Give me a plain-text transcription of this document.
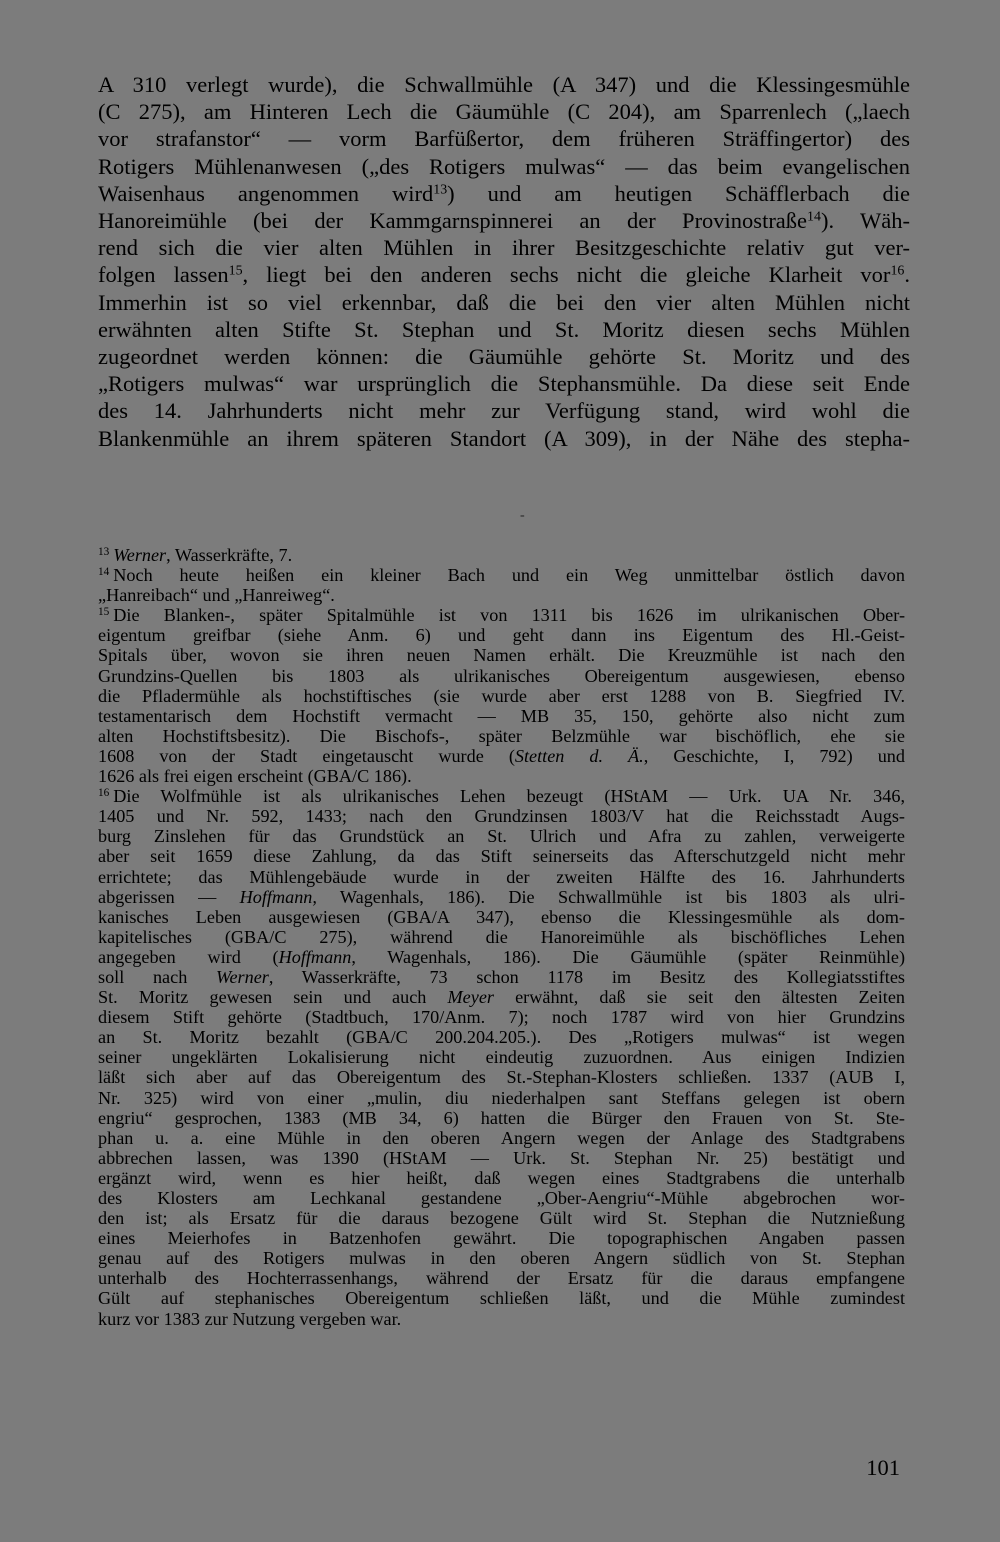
A 310 verlegt wurde), die Schwallmühle (A 347) und die Klessingesmühle
(C 275), am Hinteren Lech die Gäumühle (C 204), am Sparrenlech („laech
vor strafanstor“ — vorm Barfüßertor, dem früheren Sträffingertor) des
Rotigers Mühlenanwesen („des Rotigers mulwas“ — das beim evangelischen
Waisenhaus angenommen wird$^{13}$) und am heutigen Schäfflerbach die
Hanoreimühle (bei der Kammgarnspinnerei an der Provinostraße$^{14}$). Wäh-
rend sich die vier alten Mühlen in ihrer Besitzgeschichte relativ gut ver-
folgen lassen$^{15}$, liegt bei den anderen sechs nicht die gleiche Klarheit vor$^{16}$.
Immerhin ist so viel erkennbar, daß die bei den vier alten Mühlen nicht
erwähnten alten Stifte St. Stephan und St. Moritz diesen sechs Mühlen
zugeordnet werden können: die Gäumühle gehörte St. Moritz und des
„Rotigers mulwas“ war ursprünglich die Stephansmühle. Da diese seit Ende
des 14. Jahrhunderts nicht mehr zur Verfügung stand, wird wohl die
Blankenmühle an ihrem späteren Standort (A 309), in der Nähe des stepha-
-
$^{13}$ Werner, Wasserkräfte, 7.
$^{14}$ Noch heute heißen ein kleiner Bach und ein Weg unmittelbar östlich davon
„Hanreibach“ und „Hanreiweg“.
$^{15}$ Die Blanken-, später Spitalmühle ist von 1311 bis 1626 im ulrikanischen Ober-
eigentum greifbar (siehe Anm. 6) und geht dann ins Eigentum des Hl.-Geist-
Spitals über, wovon sie ihren neuen Namen erhält. Die Kreuzmühle ist nach den
Grundzins-Quellen bis 1803 als ulrikanisches Obereigentum ausgewiesen, ebenso
die Pfladermühle als hochstiftisches (sie wurde aber erst 1288 von B. Siegfried IV.
testamentarisch dem Hochstift vermacht — MB 35, 150, gehörte also nicht zum
alten Hochstiftsbesitz). Die Bischofs-, später Belzmühle war bischöflich, ehe sie
1608 von der Stadt eingetauscht wurde (Stetten d. Ä., Geschichte, I, 792) und
1626 als frei eigen erscheint (GBA/C 186).
$^{16}$ Die Wolfmühle ist als ulrikanisches Lehen bezeugt (HStAM — Urk. UA Nr. 346,
1405 und Nr. 592, 1433; nach den Grundzinsen 1803/V hat die Reichsstadt Augs-
burg Zinslehen für das Grundstück an St. Ulrich und Afra zu zahlen, verweigerte
aber seit 1659 diese Zahlung, da das Stift seinerseits das Afterschutzgeld nicht mehr
errichtete; das Mühlengebäude wurde in der zweiten Hälfte des 16. Jahrhunderts
abgerissen — Hoffmann, Wagenhals, 186). Die Schwallmühle ist bis 1803 als ulri-
kanisches Leben ausgewiesen (GBA/A 347), ebenso die Klessingesmühle als dom-
kapitelisches (GBA/C 275), während die Hanoreimühle als bischöfliches Lehen
angegeben wird (Hoffmann, Wagenhals, 186). Die Gäumühle (später Reinmühle)
soll nach Werner, Wasserkräfte, 73 schon 1178 im Besitz des Kollegiatsstiftes
St. Moritz gewesen sein und auch Meyer erwähnt, daß sie seit den ältesten Zeiten
diesem Stift gehörte (Stadtbuch, 170/Anm. 7); noch 1787 wird von hier Grundzins
an St. Moritz bezahlt (GBA/C 200.204.205.). Des „Rotigers mulwas“ ist wegen
seiner ungeklärten Lokalisierung nicht eindeutig zuzuordnen. Aus einigen Indizien
läßt sich aber auf das Obereigentum des St.-Stephan-Klosters schließen. 1337 (AUB I,
Nr. 325) wird von einer „mulin, diu niederhalpen sant Steffans gelegen ist obern
engriu“ gesprochen, 1383 (MB 34, 6) hatten die Bürger den Frauen von St. Ste-
phan u. a. eine Mühle in den oberen Angern wegen der Anlage des Stadtgrabens
abbrechen lassen, was 1390 (HStAM — Urk. St. Stephan Nr. 25) bestätigt und
ergänzt wird, wenn es hier heißt, daß wegen eines Stadtgrabens die unterhalb
des Klosters am Lechkanal gestandene „Ober-Aengriu“-Mühle abgebrochen wor-
den ist; als Ersatz für die daraus bezogene Gült wird St. Stephan die Nutznießung
eines Meierhofes in Batzenhofen gewährt. Die topographischen Angaben passen
genau auf des Rotigers mulwas in den oberen Angern südlich von St. Stephan
unterhalb des Hochterrassenhangs, während der Ersatz für die daraus empfangene
Gült auf stephanisches Obereigentum schließen läßt, und die Mühle zumindest
kurz vor 1383 zur Nutzung vergeben war.
101
